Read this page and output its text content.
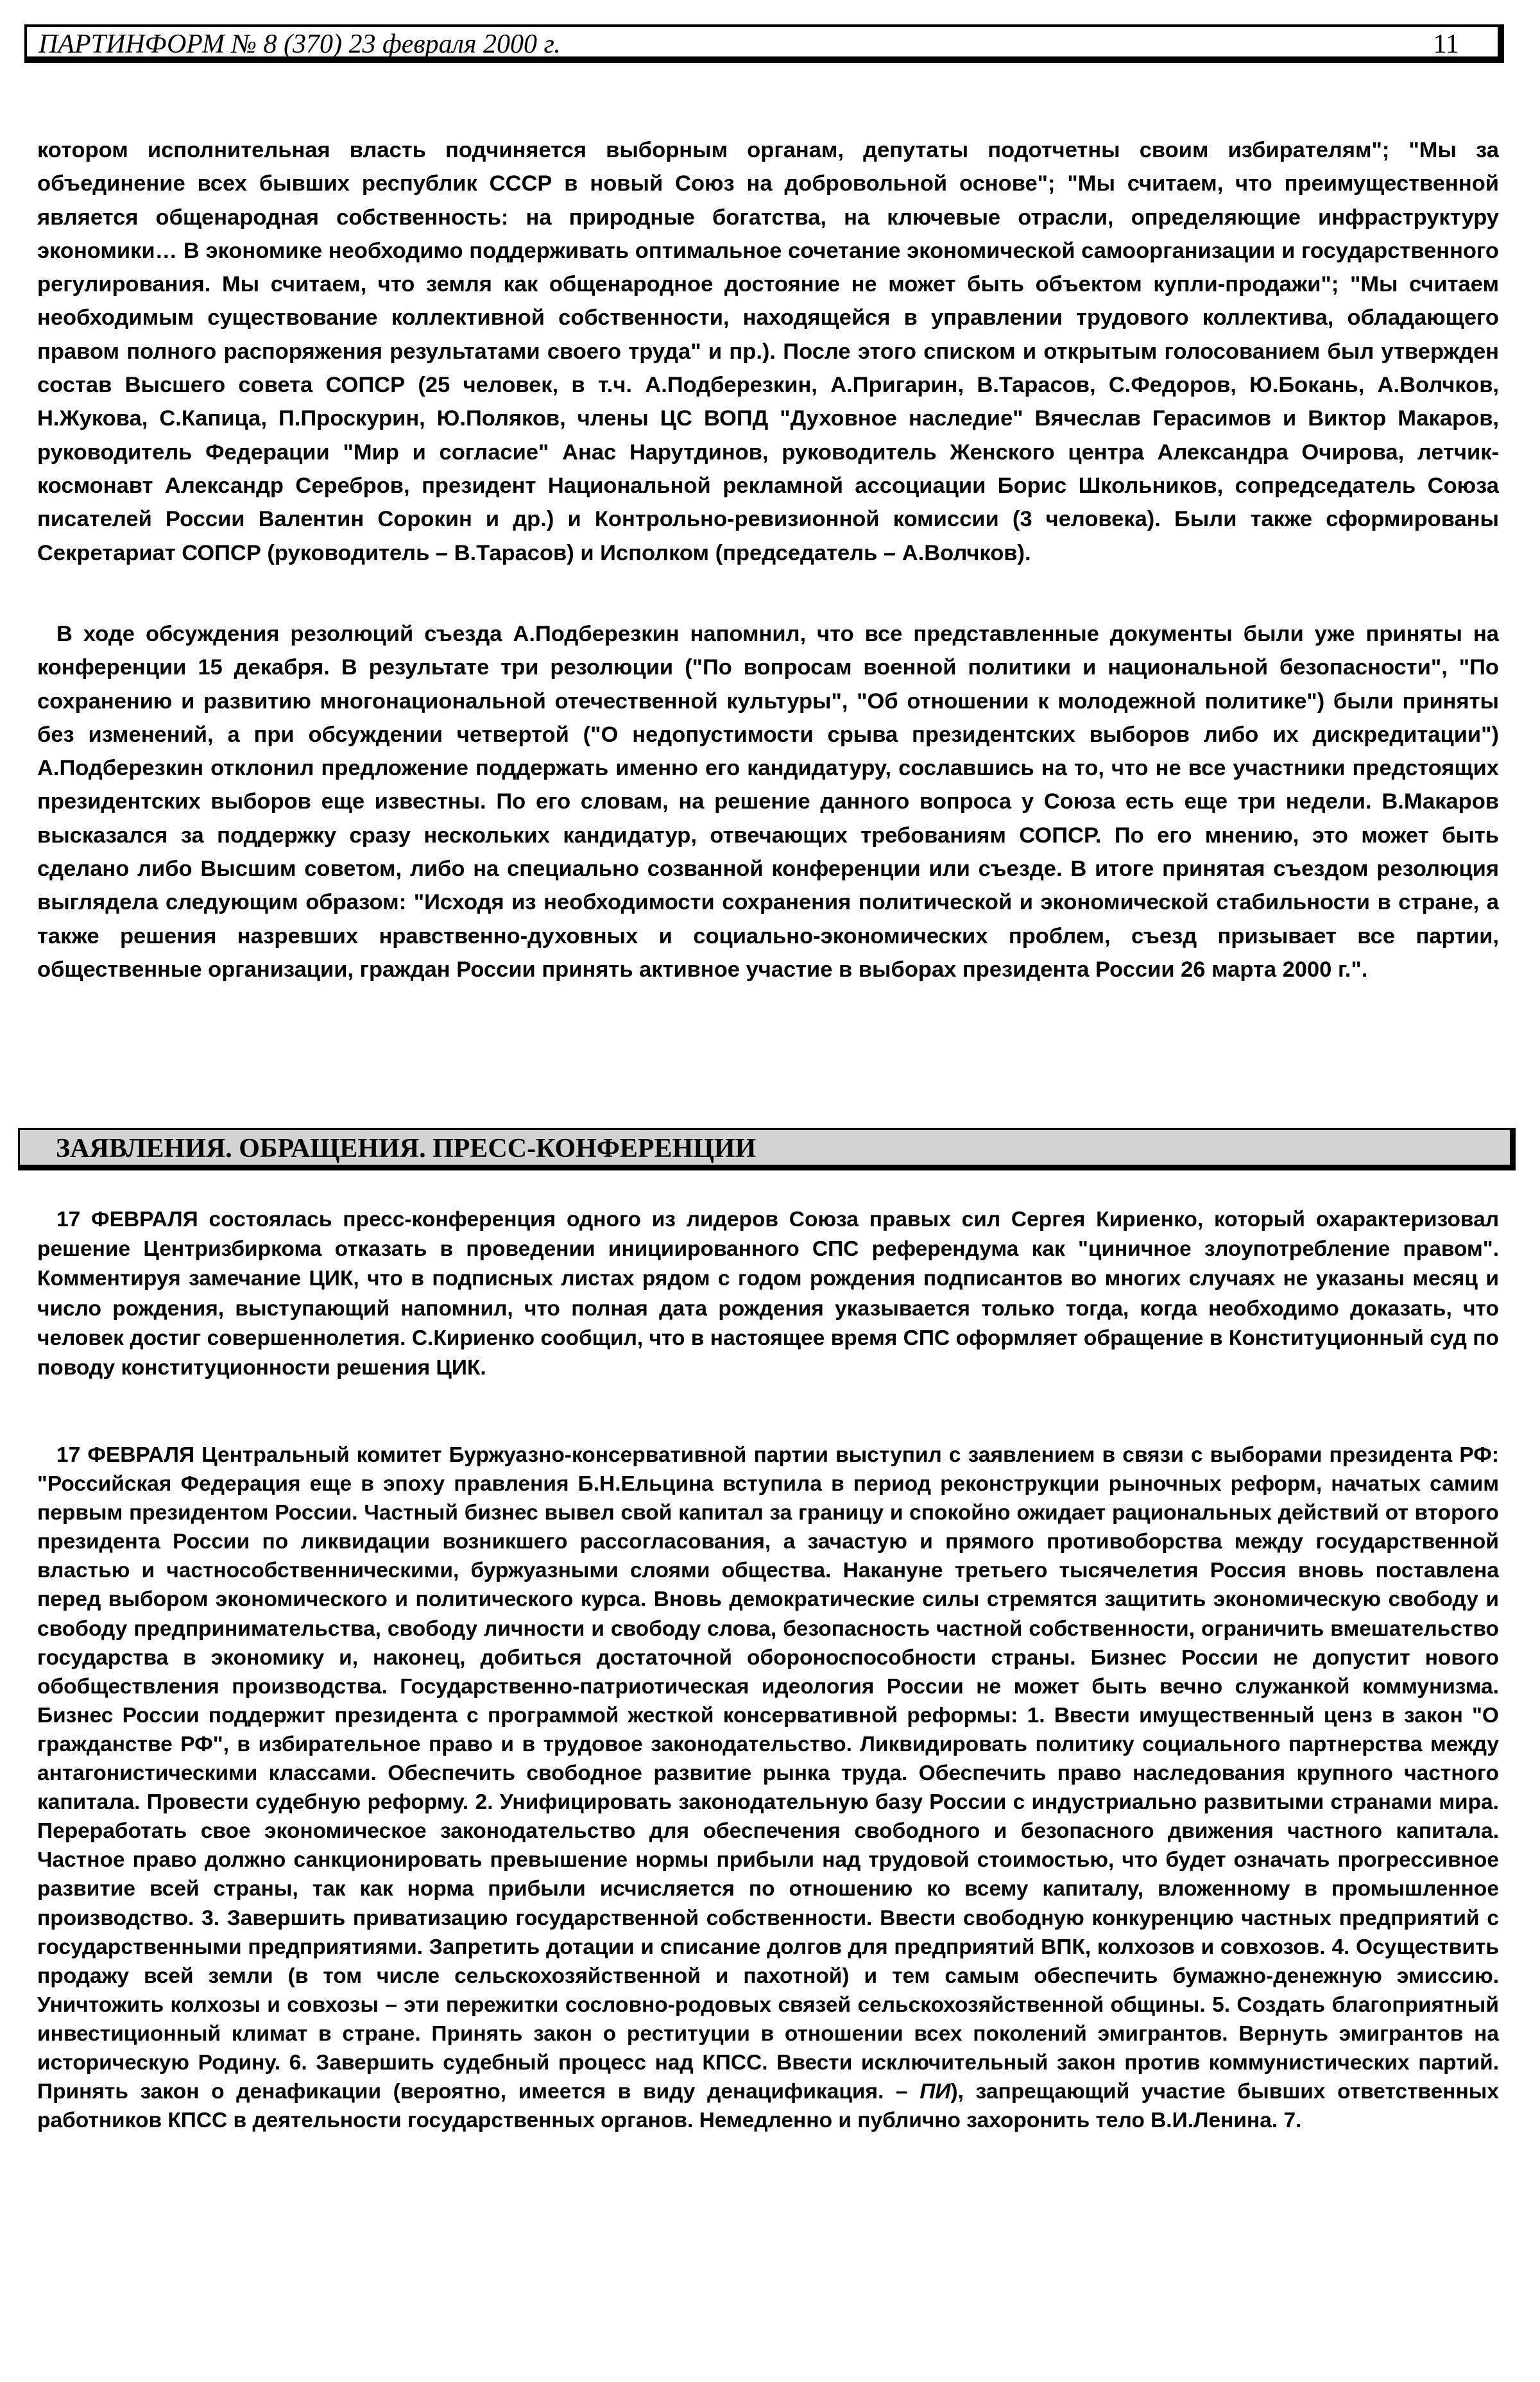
ПАРТИНФОРМ № 8 (370) 23 февраля 2000 г.	11

котором исполнительная власть подчиняется выборным органам, депутаты подотчетны своим избирателям"; "Мы за объединение всех бывших республик СССР в новый Союз на добровольной основе"; "Мы считаем, что преимущественной является общенародная собственность: на природные богатства, на ключевые отрасли, определяющие инфраструктуру экономики… В экономике необходимо поддерживать оптимальное сочетание экономической самоорганизации и государственного регулирования. Мы считаем, что земля как общенародное достояние не может быть объектом купли-продажи"; "Мы считаем необходимым существование коллективной собственности, находящейся в управлении трудового коллектива, обладающего правом полного распоряжения результатами своего труда" и пр.). После этого списком и открытым голосованием был утвержден состав Высшего совета СОПСР (25 человек, в т.ч. А.Подберезкин, А.Пригарин, В.Тарасов, С.Федоров, Ю.Бокань, А.Волчков, Н.Жукова, С.Капица, П.Проскурин, Ю.Поляков, члены ЦС ВОПД "Духовное наследие" Вячеслав Герасимов и Виктор Макаров, руководитель Федерации "Мир и согласие" Анас Нарутдинов, руководитель Женского центра Александра Очирова, летчик-космонавт Александр Серебров, президент Национальной рекламной ассоциации Борис Школьников, сопредседатель Союза писателей России Валентин Сорокин и др.) и Контрольно-ревизионной комиссии (3 человека). Были также сформированы Секретариат СОПСР (руководитель – В.Тарасов) и Исполком (председатель – А.Волчков).

В ходе обсуждения резолюций съезда А.Подберезкин напомнил, что все представленные документы были уже приняты на конференции 15 декабря. В результате три резолюции ("По вопросам военной политики и национальной безопасности", "По сохранению и развитию многонациональной отечественной культуры", "Об отношении к молодежной политике") были приняты без изменений, а при обсуждении четвертой ("О недопустимости срыва президентских выборов либо их дискредитации") А.Подберезкин отклонил предложение поддержать именно его кандидатуру, сославшись на то, что не все участники предстоящих президентских выборов еще известны. По его словам, на решение данного вопроса у Союза есть еще три недели. В.Макаров высказался за поддержку сразу нескольких кандидатур, отвечающих требованиям СОПСР. По его мнению, это может быть сделано либо Высшим советом, либо на специально созванной конференции или съезде. В итоге принятая съездом резолюция выглядела следующим образом: "Исходя из необходимости сохранения политической и экономической стабильности в стране, а также решения назревших нравственно-духовных и социально-экономических проблем, съезд призывает все партии, общественные организации, граждан России принять активное участие в выборах президента России 26 марта 2000 г.".

ЗАЯВЛЕНИЯ. ОБРАЩЕНИЯ. ПРЕСС-КОНФЕРЕНЦИИ

17 ФЕВРАЛЯ состоялась пресс-конференция одного из лидеров Союза правых сил Сергея Кириенко, который охарактеризовал решение Центризбиркома отказать в проведении инициированного СПС референдума как "циничное злоупотребление правом". Комментируя замечание ЦИК, что в подписных листах рядом с годом рождения подписантов во многих случаях не указаны месяц и число рождения, выступающий напомнил, что полная дата рождения указывается только тогда, когда необходимо доказать, что человек достиг совершеннолетия. С.Кириенко сообщил, что в настоящее время СПС оформляет обращение в Конституционный суд по поводу конституционности решения ЦИК.

17 ФЕВРАЛЯ Центральный комитет Буржуазно-консервативной партии выступил с заявлением в связи с выборами президента РФ: "Российская Федерация еще в эпоху правления Б.Н.Ельцина вступила в период реконструкции рыночных реформ, начатых самим первым президентом России. Частный бизнес вывел свой капитал за границу и спокойно ожидает рациональных действий от второго президента России по ликвидации возникшего рассогласования, а зачастую и прямого противоборства между государственной властью и частнособственническими, буржуазными слоями общества. Накануне третьего тысячелетия Россия вновь поставлена перед выбором экономического и политического курса. Вновь демократические силы стремятся защитить экономическую свободу и свободу предпринимательства, свободу личности и свободу слова, безопасность частной собственности, ограничить вмешательство государства в экономику и, наконец, добиться достаточной обороноспособности страны. Бизнес России не допустит нового обобществления производства. Государственно-патриотическая идеология России не может быть вечно служанкой коммунизма. Бизнес России поддержит президента с программой жесткой консервативной реформы: 1. Ввести имущественный ценз в закон "О гражданстве РФ", в избирательное право и в трудовое законодательство. Ликвидировать политику социального партнерства между антагонистическими классами. Обеспечить свободное развитие рынка труда. Обеспечить право наследования крупного частного капитала. Провести судебную реформу. 2. Унифицировать законодательную базу России с индустриально развитыми странами мира. Переработать свое экономическое законодательство для обеспечения свободного и безопасного движения частного капитала. Частное право должно санкционировать превышение нормы прибыли над трудовой стоимостью, что будет означать прогрессивное развитие всей страны, так как норма прибыли исчисляется по отношению ко всему капиталу, вложенному в промышленное производство. 3. Завершить приватизацию государственной собственности. Ввести свободную конкуренцию частных предприятий с государственными предприятиями. Запретить дотации и списание долгов для предприятий ВПК, колхозов и совхозов. 4. Осуществить продажу всей земли (в том числе сельскохозяйственной и пахотной) и тем самым обеспечить бумажно-денежную эмиссию. Уничтожить колхозы и совхозы – эти пережитки сословно-родовых связей сельскохозяйственной общины. 5. Создать благоприятный инвестиционный климат в стране. Принять закон о реституции в отношении всех поколений эмигрантов. Вернуть эмигрантов на историческую Родину. 6. Завершить судебный процесс над КПСС. Ввести исключительный закон против коммунистических партий. Принять закон о денафикации (вероятно, имеется в виду денацификация. – ПИ), запрещающий участие бывших ответственных работников КПСС в деятельности государственных органов. Немедленно и публично захоронить тело В.И.Ленина. 7.
